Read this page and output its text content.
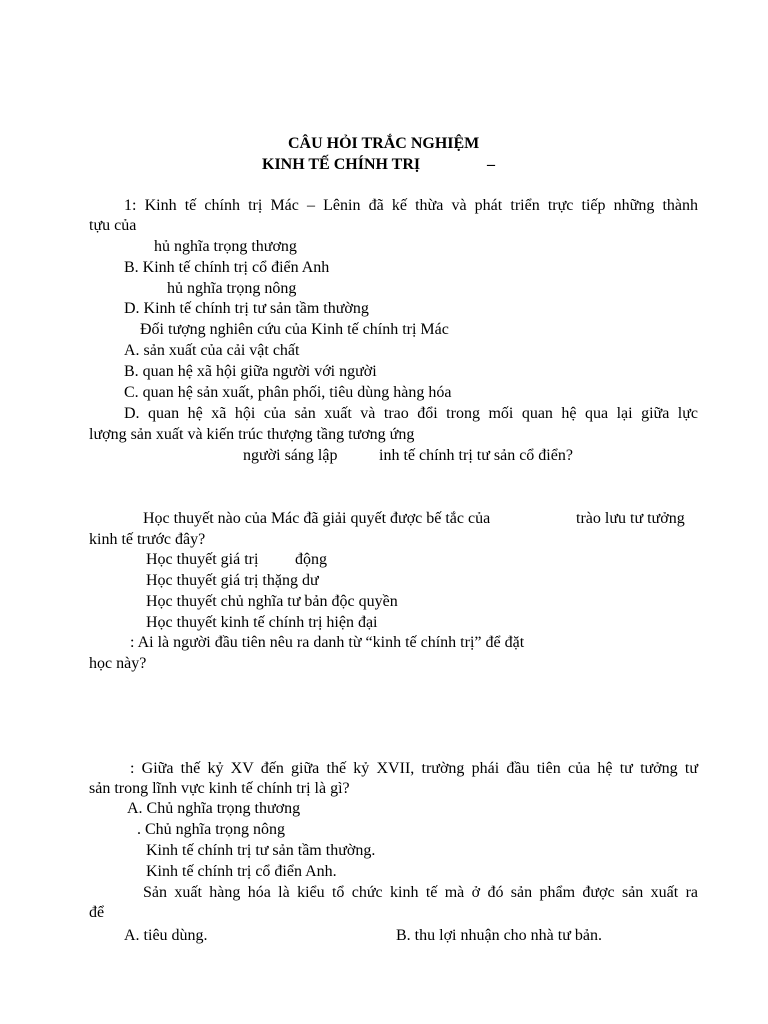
CÂU HỎI TRẮC NGHIỆM
KINH TẾ CHÍNH TRỊ	–
1: Kinh tế chính trị Mác – Lênin đã kế thừa và phát triển trực tiếp những thành
tựu của
hủ nghĩa trọng thương
B. Kinh tế chính trị cổ điển Anh
hủ nghĩa trọng nông
D. Kinh tế chính trị tư sản tầm thường
Đối tượng nghiên cứu của Kinh tế chính trị Mác
A. sản xuất của cải vật chất
B. quan hệ xã hội giữa người với người
C. quan hệ sản xuất, phân phối, tiêu dùng hàng hóa
D. quan hệ xã hội của sản xuất và trao đổi trong mối quan hệ qua lại giữa lực
lượng sản xuất và kiến trúc thượng tầng tương ứng
người sáng lập	inh tế chính trị tư sản cổ điển?
Học thuyết nào của Mác đã giải quyết được bế tắc của	trào lưu tư tưởng
kinh tế trước đây?
Học thuyết giá trị động
Học thuyết giá trị thặng dư
Học thuyết chủ nghĩa tư bản độc quyền
Học thuyết kinh tế chính trị hiện đại
: Ai là người đầu tiên nêu ra danh từ “kinh tế chính trị” để đặt
học này?
: Giữa thế kỷ XV đến giữa thế kỷ XVII, trường phái đầu tiên của hệ tư tưởng tư
sản trong lĩnh vực kinh tế chính trị là gì?
A. Chủ nghĩa trọng thương
. Chủ nghĩa trọng nông
Kinh tế chính trị tư sản tầm thường.
Kinh tế chính trị cổ điển Anh.
Sản xuất hàng hóa là kiểu tổ chức kinh tế mà ở đó sản phẩm được sản xuất ra
để
A. tiêu dùng.	B. thu lợi nhuận cho nhà tư bản.
